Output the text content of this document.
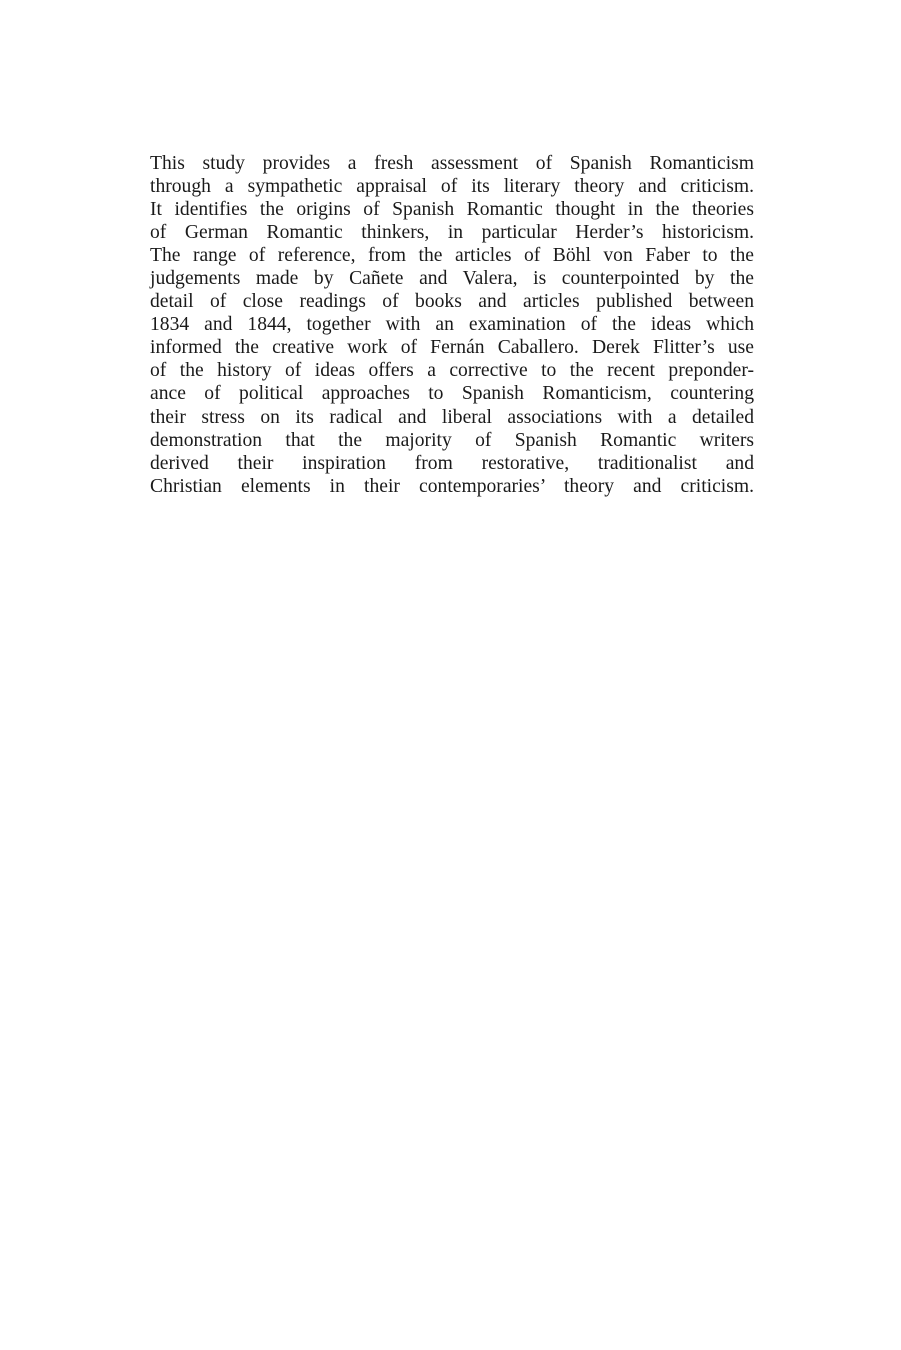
This study provides a fresh assessment of Spanish Romanticism
through a sympathetic appraisal of its literary theory and criticism.
It identifies the origins of Spanish Romantic thought in the theories
of German Romantic thinkers, in particular Herder’s historicism.
The range of reference, from the articles of Böhl von Faber to the
judgements made by Cañete and Valera, is counterpointed by the
detail of close readings of books and articles published between
1834 and 1844, together with an examination of the ideas which
informed the creative work of Fernán Caballero. Derek Flitter’s use
of the history of ideas offers a corrective to the recent preponder-
ance of political approaches to Spanish Romanticism, countering
their stress on its radical and liberal associations with a detailed
demonstration that the majority of Spanish Romantic writers
derived their inspiration from restorative, traditionalist and
Christian elements in their contemporaries’ theory and criticism.
